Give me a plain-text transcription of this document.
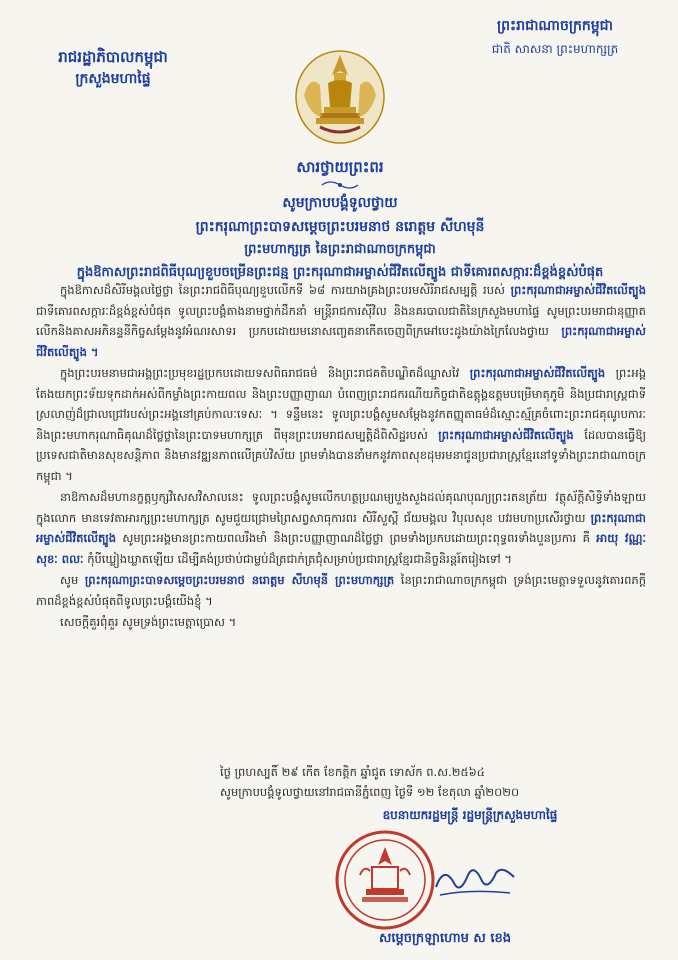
រាជរដ្ឋាភិបាលកម្ពុជា
ក្រសួងមហាផ្ទៃ
ព្រះរាជាណាចក្រកម្ពុជា
ជាតិ សាសនា ព្រះមហាក្សត្រ
សារថ្វាយព្រះពរ
សូមក្រាបបង្គំទូលថ្វាយ
ព្រះករុណាព្រះបាទសម្តេចព្រះបរមនាថ នរោត្តម សីហមុនី
ព្រះមហាក្សត្រ នៃព្រះរាជាណាចក្រកម្ពុជា
ក្នុងឱកាសព្រះរាជពិធីបុណ្យខួបចម្រើនព្រះជន្ម ព្រះករុណាជាអម្ចាស់ជីវិតលើត្បូង ជាទីគោរពសក្ការៈដ៏ខ្ពង់ខ្ពស់បំផុត

ក្នុងឱកាសដ៏សិរីមង្គលថ្លៃថ្លា នៃព្រះរាជពិធីបុណ្យខួបលើកទី ៦៨ ការយាងគ្រងព្រះបរមសិរីរាជសម្បត្តិ របស់ ព្រះករុណាជាអម្ចាស់ជីវិតលើត្បូង ជាទីគោរពសក្ការៈដ៏ខ្ពង់ខ្ពស់បំផុត ទូលព្រះបង្គំតាងនាមថ្នាក់ដឹកនាំ មន្ត្រីរាជការស៊ីវិល និងនគរបាលជាតិនៃក្រសួងមហាផ្ទៃ សូមព្រះបរមរាជានុញ្ញាតលើកនិងគាសអភិនន្ទនីកិច្ចសម្តែងនូវអំណរសាទរ ប្រកបដោយមនោសញ្ចេតនាកើតចេញពីក្រអៅបេះដូងយ៉ាងក្រៃលែងថ្វាយ ព្រះករុណាជាអម្ចាស់ជីវិតលើត្បូង ។

ក្នុងព្រះបរមនាមជាអង្គព្រះប្រមុខរដ្ឋប្រកបដោយទសពិធរាជធម៌ និងព្រះរាជគតិបណ្ឌិតដ៏ឈ្លាសវៃ ព្រះករុណាជាអម្ចាស់ជីវិតលើត្បូង ព្រះអង្គតែងយកព្រះទ័យទុកដាក់អស់ពីកម្លាំងព្រះកាយពល និងព្រះបញ្ញាញាណ បំពេញព្រះរាជករណីយកិច្ចជាតិឧត្តុង្គឧត្តមបម្រើមាតុភូមិ និងប្រជារាស្ត្រជាទីស្រលាញ់ដ៏ជ្រាលជ្រៅរបស់ព្រះអង្គនៅគ្រប់កាលៈទេសៈ ។ ទន្ទឹមនេះ ទូលព្រះបង្គំសូមសម្តែងនូវកតញ្ញុតាធម៌ដ៏ស្មោះស្ម័គ្រចំពោះព្រះរាជគុណូបការៈ និងព្រះមហាករុណាធិគុណដ៏ថ្លៃថ្លានៃព្រះបាទមហាក្សត្រ ពីមុនព្រះបរមរាជសម្បត្តិដ៏ពិសិដ្ឋរបស់ ព្រះករុណាជាអម្ចាស់ជីវិតលើត្បូង ដែលបានធ្វើឱ្យប្រទេសជាតិមានសុខសន្តិភាព និងមានវឌ្ឍនភាពលើគ្រប់វិស័យ ព្រមទាំងបាននាំមកនូវភាពសុខដុមរមនាជូនប្រជារាស្ត្រខ្មែរនៅទូទាំងព្រះរាជាណាចក្រកម្ពុជា ។

នាឱកាសដ៏មហានក្ខត្តឫក្សវិសេសវិសាលនេះ ទូលព្រះបង្គំសូមលើកហត្ថប្រណម្យបួងសួងដល់គុណបុណ្យព្រះរតនត្រ័យ វត្ថុស័ក្តិសិទ្ធិទាំងឡាយក្នុងលោក មានទេវតាអារក្សព្រះមហាក្សត្រ សូមជួយជ្រោមព្រៃសព្វសាធុការពរ សិរីសួស្តី ជ័យមង្គល វិបុលសុខ បវរមហាប្រសើរថ្វាយ ព្រះករុណាជាអម្ចាស់ជីវិតលើត្បូង សូមព្រះអង្គមានព្រះកាយពលរឹងមាំ និងព្រះបញ្ញាញាណដ៏ថ្លៃថ្លា ព្រមទាំងប្រកបដោយព្រះពុទ្ធពរទាំងបួនប្រការ គឺ អាយុ វណ្ណៈ សុខៈ ពលៈ កុំបីឃ្លៀងឃ្លាតឡើយ ដើម្បីគង់ប្រថាប់ជាម្លប់ដ៏ត្រជាក់ត្រជុំសម្រាប់ប្រជារាស្ត្រខ្មែរជានិច្ចនិរន្តរ៍តរៀងទៅ ។

សូម ព្រះករុណាព្រះបាទសម្តេចព្រះបរមនាថ នរោត្តម សីហមុនី ព្រះមហាក្សត្រ នៃព្រះរាជាណាចក្រកម្ពុជា ទ្រង់ព្រះមេត្តាទទួលនូវគោរពភក្តីភាពដ៏ខ្ពង់ខ្ពស់បំផុតពីទូលព្រះបង្គំយើងខ្ញុំ ។

សេចក្តីគួរពុំគួរ សូមទ្រង់ព្រះមេត្តាប្រោស ។

ថ្ងៃ ព្រហស្បតិ៍ ២៩ កើត ខែកត្តិក ឆ្នាំជូត ទោស័ក ព.ស.២៥៦៤
សូមក្រាបបង្គំទូលថ្វាយនៅរាជធានីភ្នំពេញ ថ្ងៃទី ១២ ខែតុលា ឆ្នាំ២០២០
ឧបនាយករដ្ឋមន្ត្រី រដ្ឋមន្ត្រីក្រសួងមហាផ្ទៃ
សម្តេចក្រឡាហោម ស ខេង
